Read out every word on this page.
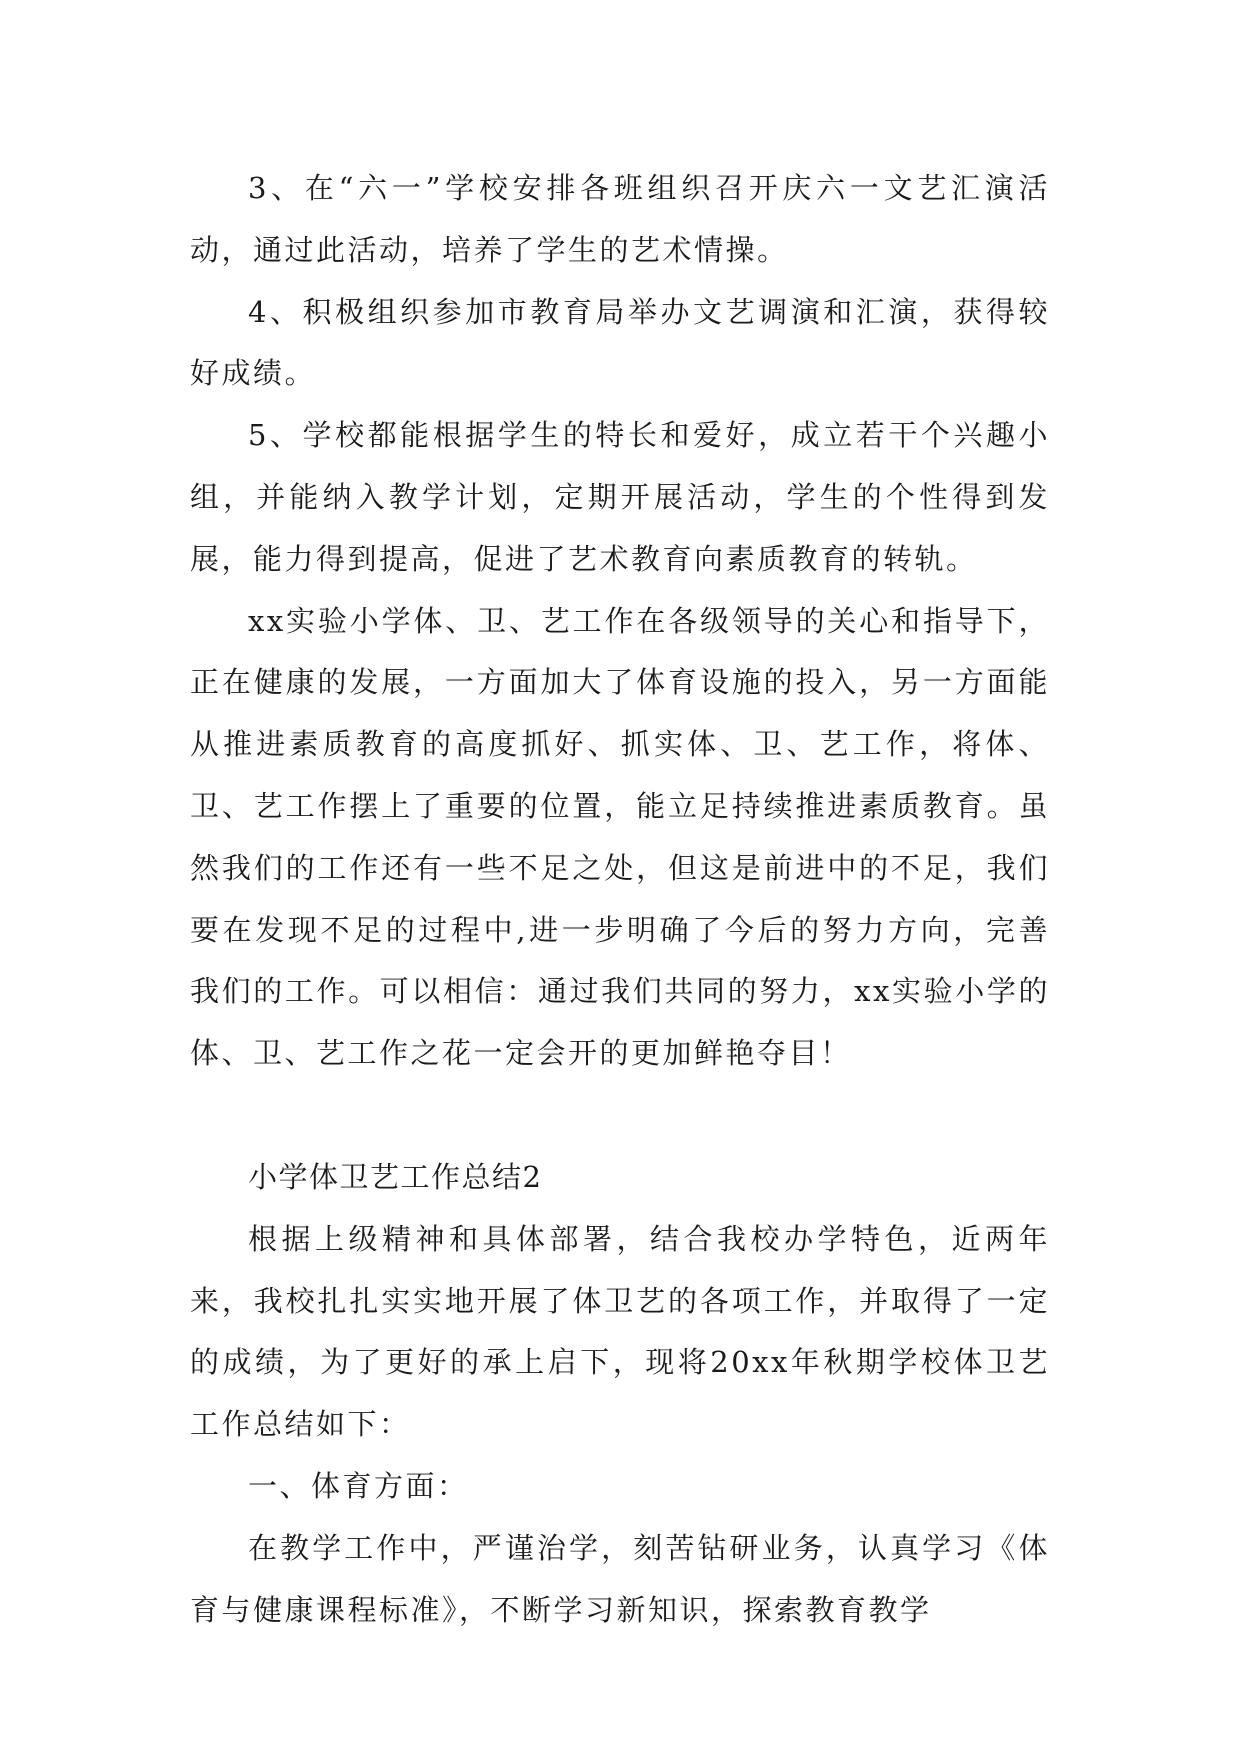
3、在“六一”学校安排各班组织召开庆六一文艺汇演活动，通过此活动，培养了学生的艺术情操。

4、积极组织参加市教育局举办文艺调演和汇演，获得较好成绩。

5、学校都能根据学生的特长和爱好，成立若干个兴趣小组，并能纳入教学计划，定期开展活动，学生的个性得到发展，能力得到提高，促进了艺术教育向素质教育的转轨。

xx实验小学体、卫、艺工作在各级领导的关心和指导下，正在健康的发展，一方面加大了体育设施的投入，另一方面能从推进素质教育的高度抓好、抓实体、卫、艺工作，将体、卫、艺工作摆上了重要的位置，能立足持续推进素质教育。虽然我们的工作还有一些不足之处，但这是前进中的不足，我们要在发现不足的过程中,进一步明确了今后的努力方向，完善我们的工作。可以相信：通过我们共同的努力，xx实验小学的体、卫、艺工作之花一定会开的更加鲜艳夺目！

小学体卫艺工作总结2

根据上级精神和具体部署，结合我校办学特色，近两年来，我校扎扎实实地开展了体卫艺的各项工作，并取得了一定的成绩，为了更好的承上启下，现将20xx年秋期学校体卫艺工作总结如下：

一、体育方面：

在教学工作中，严谨治学，刻苦钻研业务，认真学习《体育与健康课程标准》，不断学习新知识，探索教育教学
